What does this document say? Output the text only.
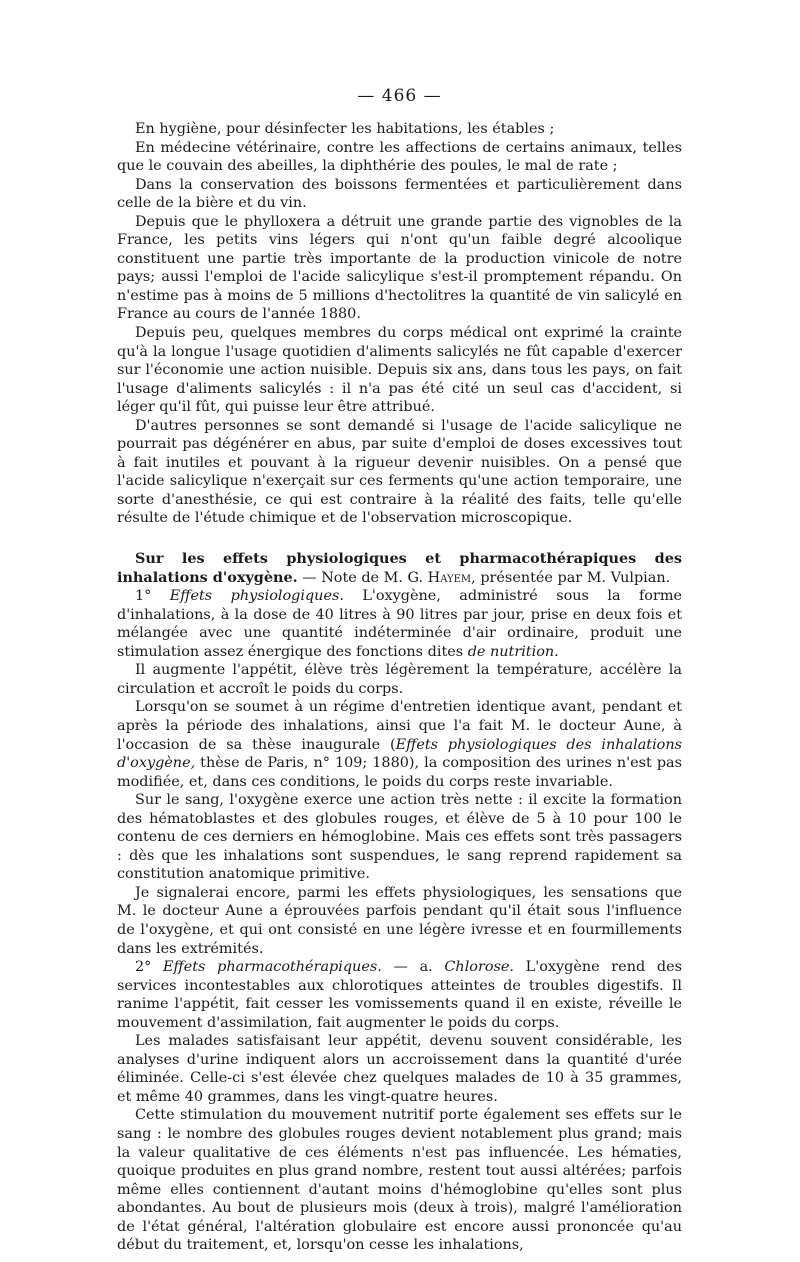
— 466 —

En hygiène, pour désinfecter les habitations, les étables ;

En médecine vétérinaire, contre les affections de certains animaux, telles que le couvain des abeilles, la diphthérie des poules, le mal de rate ;

Dans la conservation des boissons fermentées et particulièrement dans celle de la bière et du vin.

Depuis que le phylloxera a détruit une grande partie des vignobles de la France, les petits vins légers qui n'ont qu'un faible degré alcoolique constituent une partie très importante de la production vinicole de notre pays; aussi l'emploi de l'acide salicylique s'est-il promptement répandu. On n'estime pas à moins de 5 millions d'hectolitres la quantité de vin salicylé en France au cours de l'année 1880.

Depuis peu, quelques membres du corps médical ont exprimé la crainte qu'à la longue l'usage quotidien d'aliments salicylés ne fût capable d'exercer sur l'économie une action nuisible. Depuis six ans, dans tous les pays, on fait l'usage d'aliments salicylés : il n'a pas été cité un seul cas d'accident, si léger qu'il fût, qui puisse leur être attribué.

D'autres personnes se sont demandé si l'usage de l'acide salicylique ne pourrait pas dégénérer en abus, par suite d'emploi de doses excessives tout à fait inutiles et pouvant à la rigueur devenir nuisibles. On a pensé que l'acide salicylique n'exerçait sur ces ferments qu'une action temporaire, une sorte d'anesthésie, ce qui est contraire à la réalité des faits, telle qu'elle résulte de l'étude chimique et de l'observation microscopique.

Sur les effets physiologiques et pharmacothérapiques des inhalations d'oxygène. — Note de M. G. Hayem, présentée par M. Vulpian.

1° Effets physiologiques. L'oxygène, administré sous la forme d'inhalations, à la dose de 40 litres à 90 litres par jour, prise en deux fois et mélangée avec une quantité indéterminée d'air ordinaire, produit une stimulation assez énergique des fonctions dites de nutrition.

Il augmente l'appétit, élève très légèrement la température, accélère la circulation et accroît le poids du corps.

Lorsqu'on se soumet à un régime d'entretien identique avant, pendant et après la période des inhalations, ainsi que l'a fait M. le docteur Aune, à l'occasion de sa thèse inaugurale (Effets physiologiques des inhalations d'oxygène, thèse de Paris, n° 109; 1880), la composition des urines n'est pas modifiée, et, dans ces conditions, le poids du corps reste invariable.

Sur le sang, l'oxygène exerce une action très nette : il excite la formation des hématoblastes et des globules rouges, et élève de 5 à 10 pour 100 le contenu de ces derniers en hémoglobine. Mais ces effets sont très passagers : dès que les inhalations sont suspendues, le sang reprend rapidement sa constitution anatomique primitive.

Je signalerai encore, parmi les effets physiologiques, les sensations que M. le docteur Aune a éprouvées parfois pendant qu'il était sous l'influence de l'oxygène, et qui ont consisté en une légère ivresse et en fourmillements dans les extrémités.

2° Effets pharmacothérapiques. — a. Chlorose. L'oxygène rend des services incontestables aux chlorotiques atteintes de troubles digestifs. Il ranime l'appétit, fait cesser les vomissements quand il en existe, réveille le mouvement d'assimilation, fait augmenter le poids du corps.

Les malades satisfaisant leur appétit, devenu souvent considérable, les analyses d'urine indiquent alors un accroissement dans la quantité d'urée éliminée. Celle-ci s'est élevée chez quelques malades de 10 à 35 grammes, et même 40 grammes, dans les vingt-quatre heures.

Cette stimulation du mouvement nutritif porte également ses effets sur le sang : le nombre des globules rouges devient notablement plus grand; mais la valeur qualitative de ces éléments n'est pas influencée. Les hématies, quoique produites en plus grand nombre, restent tout aussi altérées; parfois même elles contiennent d'autant moins d'hémoglobine qu'elles sont plus abondantes. Au bout de plusieurs mois (deux à trois), malgré l'amélioration de l'état général, l'altération globulaire est encore aussi prononcée qu'au début du traitement, et, lorsqu'on cesse les inhalations,
